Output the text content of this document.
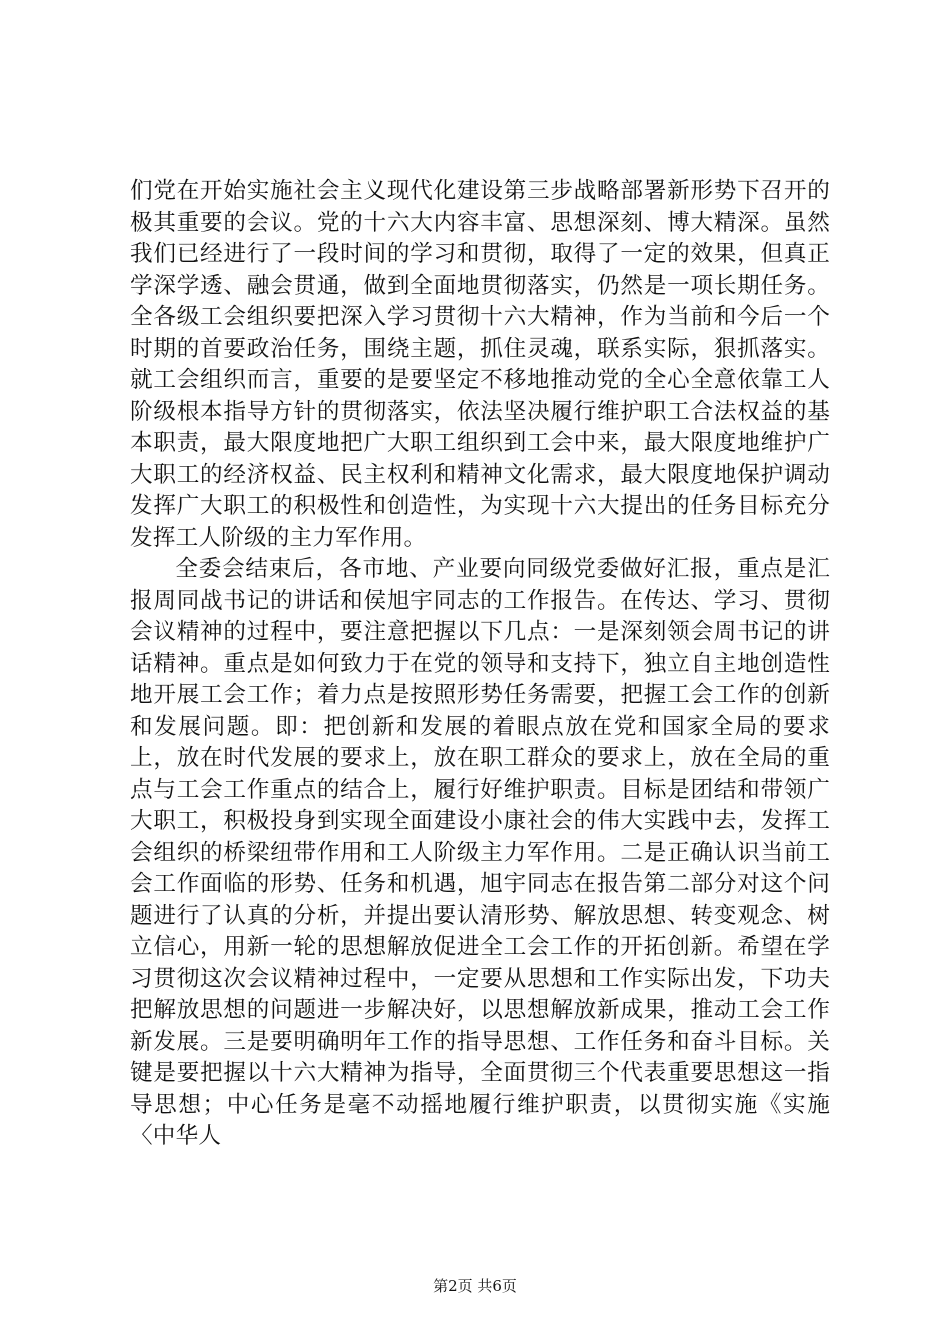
们党在开始实施社会主义现代化建设第三步战略部署新形势下召开的极其重要的会议。党的十六大内容丰富、思想深刻、博大精深。虽然我们已经进行了一段时间的学习和贯彻，取得了一定的效果，但真正学深学透、融会贯通，做到全面地贯彻落实，仍然是一项长期任务。全各级工会组织要把深入学习贯彻十六大精神，作为当前和今后一个时期的首要政治任务，围绕主题，抓住灵魂，联系实际，狠抓落实。就工会组织而言，重要的是要坚定不移地推动党的全心全意依靠工人阶级根本指导方针的贯彻落实，依法坚决履行维护职工合法权益的基本职责，最大限度地把广大职工组织到工会中来，最大限度地维护广大职工的经济权益、民主权利和精神文化需求，最大限度地保护调动发挥广大职工的积极性和创造性，为实现十六大提出的任务目标充分发挥工人阶级的主力军作用。

全委会结束后，各市地、产业要向同级党委做好汇报，重点是汇报周同战书记的讲话和侯旭宇同志的工作报告。在传达、学习、贯彻会议精神的过程中，要注意把握以下几点：一是深刻领会周书记的讲话精神。重点是如何致力于在党的领导和支持下，独立自主地创造性地开展工会工作；着力点是按照形势任务需要，把握工会工作的创新和发展问题。即：把创新和发展的着眼点放在党和国家全局的要求上，放在时代发展的要求上，放在职工群众的要求上，放在全局的重点与工会工作重点的结合上，履行好维护职责。目标是团结和带领广大职工，积极投身到实现全面建设小康社会的伟大实践中去，发挥工会组织的桥梁纽带作用和工人阶级主力军作用。二是正确认识当前工会工作面临的形势、任务和机遇，旭宇同志在报告第二部分对这个问题进行了认真的分析，并提出要认清形势、解放思想、转变观念、树立信心，用新一轮的思想解放促进全工会工作的开拓创新。希望在学习贯彻这次会议精神过程中，一定要从思想和工作实际出发，下功夫把解放思想的问题进一步解决好，以思想解放新成果，推动工会工作新发展。三是要明确明年工作的指导思想、工作任务和奋斗目标。关键是要把握以十六大精神为指导，全面贯彻三个代表重要思想这一指导思想；中心任务是毫不动摇地履行维护职责，以贯彻实施《实施〈中华人

第2页 共6页
